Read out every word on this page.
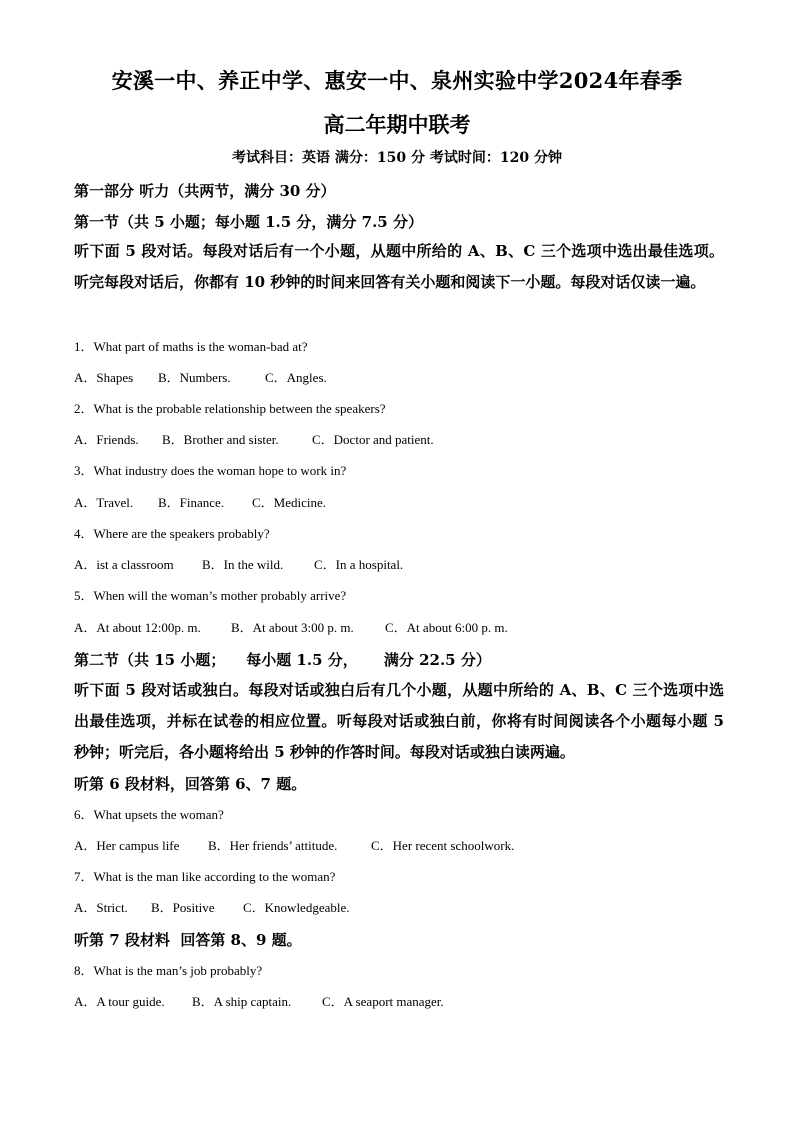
安溪一中、养正中学、惠安一中、泉州实验中学2024年春季
高二年期中联考
考试科目：英语 满分：150 分 考试时间：120 分钟
第一部分 听力（共两节，满分 30 分）
第一节（共 5 小题；每小题 1.5 分，满分 7.5 分）
听下面 5 段对话。每段对话后有一个小题，从题中所给的 A、B、C 三个选项中选出最佳选项。听完每段对话后，你都有 10 秒钟的时间来回答有关小题和阅读下一小题。每段对话仅读一遍。
1．What part of maths is the woman-bad at?
A．Shapes B．Numbers.	C．Angles.
2．What is the probable relationship between the speakers?
A．Friends. B．Brother and sister.	C．Doctor and patient.
3．What industry does the woman hope to work in?
A．Travel. B．Finance. C．Medicine.
4．Where are the speakers probably?
A．ist a classroom B．In the wild. C．In a hospital.
5．When will the woman’s mother probably arrive?
A．At about 12:00p. m. B．At about 3:00 p. m. C．At about 6:00 p. m.
第二节（共 15 小题；    每小题 1.5 分，     满分 22.5 分）
听下面 5 段对话或独白。每段对话或独白后有几个小题，从题中所给的 A、B、C 三个选项中选出最佳选项，并标在试卷的相应位置。听每段对话或独白前，你将有时间阅读各个小题每小题 5 秒钟；听完后，各小题将给出 5 秒钟的作答时间。每段对话或独白读两遍。
听第 6 段材料，回答第 6、7 题。
6．What upsets the woman?
A．Her campus life B．Her friends’ attitude.	C．Her recent schoolwork.
7．What is the man like according to the woman?
A．Strict. B．Positive C．Knowledgeable.
听第 7 段材料  回答第 8、9 题。
8．What is the man’s job probably?
A．A tour guide. B．A ship captain. C．A seaport manager.
